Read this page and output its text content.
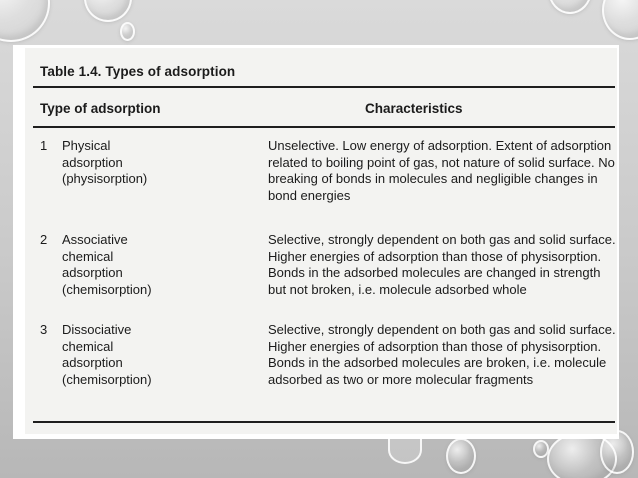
Table 1.4. Types of adsorption
Type of adsorption	Characteristics
1 Physical
adsorption
(physisorption)
Unselective. Low energy of adsorption. Extent of adsorption related to boiling point of gas, not nature of solid surface. No breaking of bonds in molecules and negligible changes in bond energies
2 Associative
chemical
adsorption
(chemisorption)
Selective, strongly dependent on both gas and solid surface. Higher energies of adsorption than those of physisorption. Bonds in the adsorbed molecules are changed in strength but not broken, i.e. molecule adsorbed whole
3 Dissociative
chemical
adsorption
(chemisorption)
Selective, strongly dependent on both gas and solid surface. Higher energies of adsorption than those of physisorption. Bonds in the adsorbed molecules are broken, i.e. molecule adsorbed as two or more molecular fragments
